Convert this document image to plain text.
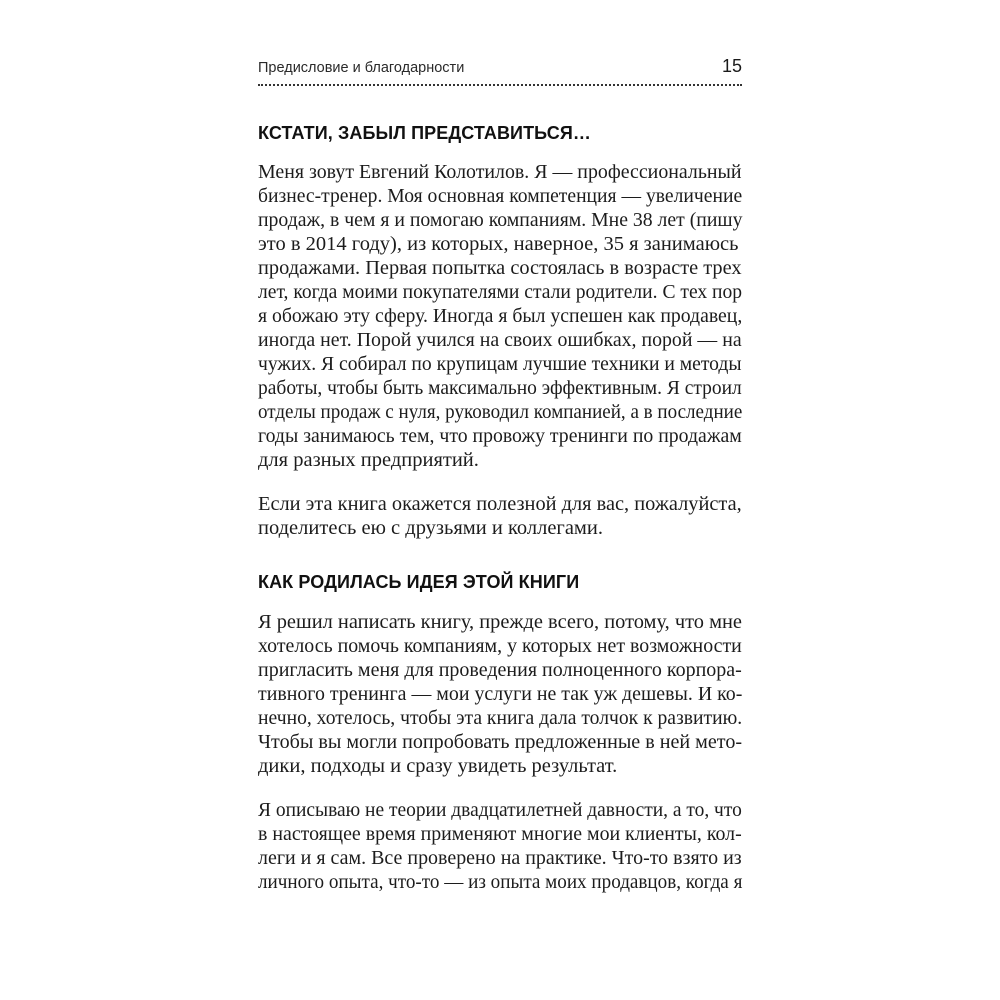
Предисловие и благодарности	15
КСТАТИ, ЗАБЫЛ ПРЕДСТАВИТЬСЯ…
Меня зовут Евгений Колотилов. Я — профессиональный
бизнес-тренер. Моя основная компетенция — увеличение
продаж, в чем я и помогаю компаниям. Мне 38 лет (пишу
это в 2014 году), из которых, наверное, 35 я занимаюсь
продажами. Первая попытка состоялась в возрасте трех
лет, когда моими покупателями стали родители. С тех пор
я обожаю эту сферу. Иногда я был успешен как продавец,
иногда нет. Порой учился на своих ошибках, порой — на
чужих. Я собирал по крупицам лучшие техники и методы
работы, чтобы быть максимально эффективным. Я строил
отделы продаж с нуля, руководил компанией, а в последние
годы занимаюсь тем, что провожу тренинги по продажам
для разных предприятий.
Если эта книга окажется полезной для вас, пожалуйста,
поделитесь ею с друзьями и коллегами.
КАК РОДИЛАСЬ ИДЕЯ ЭТОЙ КНИГИ
Я решил написать книгу, прежде всего, потому, что мне
хотелось помочь компаниям, у которых нет возможности
пригласить меня для проведения полноценного корпора-
тивного тренинга — мои услуги не так уж дешевы. И ко-
нечно, хотелось, чтобы эта книга дала толчок к развитию.
Чтобы вы могли попробовать предложенные в ней мето-
дики, подходы и сразу увидеть результат.
Я описываю не теории двадцатилетней давности, а то, что
в настоящее время применяют многие мои клиенты, кол-
леги и я сам. Все проверено на практике. Что-то взято из
личного опыта, что-то — из опыта моих продавцов, когда я
